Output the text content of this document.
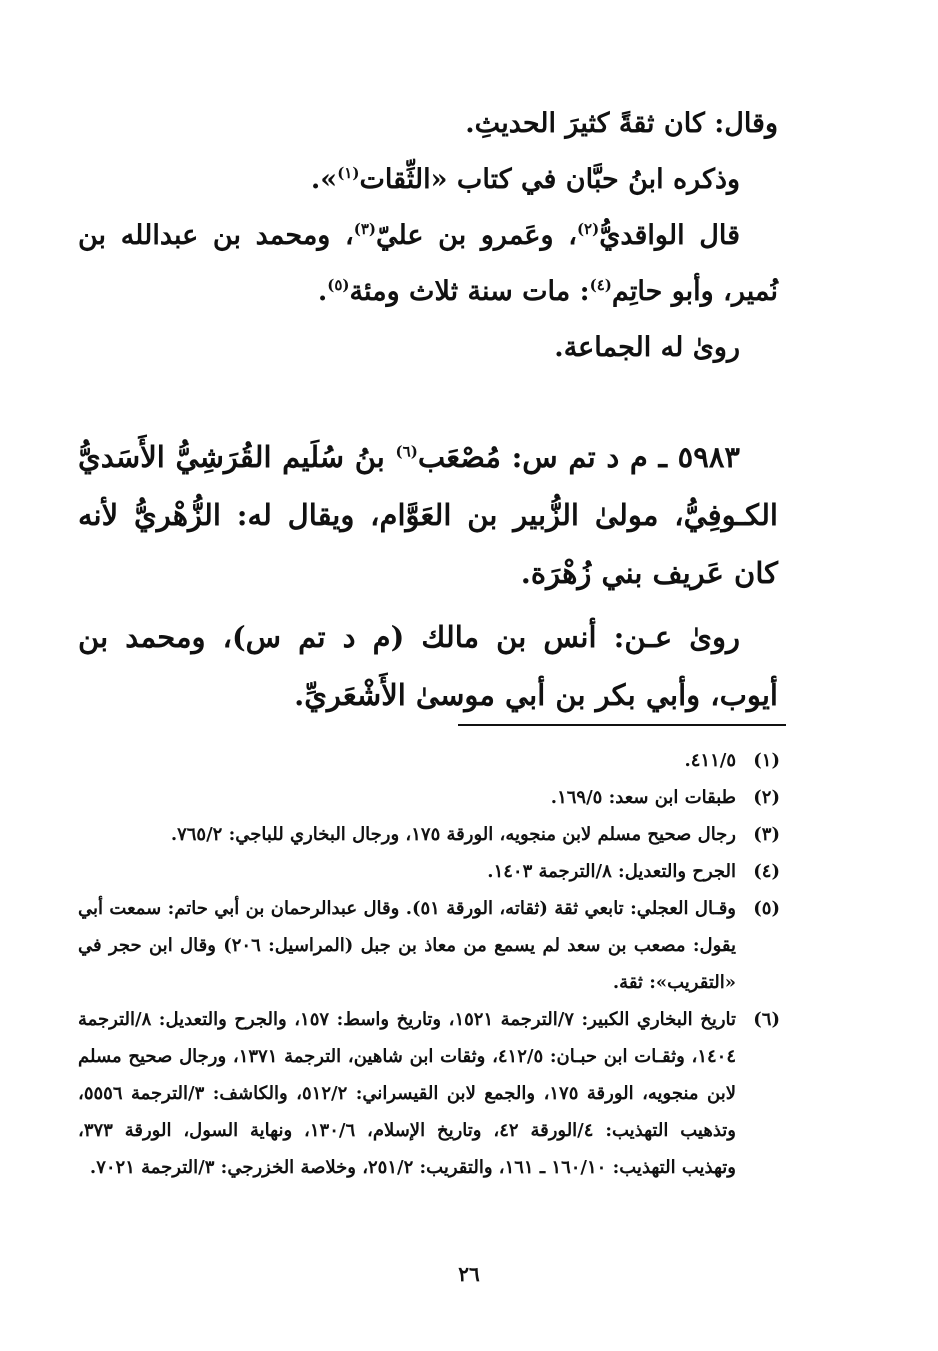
وقال: كان ثقةً كثيرَ الحديثِ.

وذكره ابنُ حبَّان في كتاب «الثِّقات$^{(١)}$».

قال الواقديُّ$^{(٢)}$، وعَمرو بن عليّ$^{(٣)}$، ومحمد بن عبدالله بن نُمير، وأبو حاتِم$^{(٤)}$: مات سنة ثلاث ومئة$^{(٥)}$.

روىٰ له الجماعة.

٥٩٨٣ ـ م د تم س: مُصْعَب$^{(٦)}$ بنُ سُلَيم القُرَشِيُّ الأَسَديُّ الكـوفِيُّ، مولىٰ الزُّبير بن العَوَّام، ويقال له: الزُّهْريُّ لأنه كان عَريف بني زُهْرَة.

روىٰ عـن: أنس بن مالك (م د تم س)، ومحمد بن أيوب، وأبي بكر بن أبي موسىٰ الأَشْعَريِّ.

(١)
٤١١/٥.
(٢)
طبقات ابن سعد: ١٦٩/٥.
(٣)
رجال صحيح مسلم لابن منجويه، الورقة ١٧٥، ورجال البخاري للباجي: ٧٦٥/٢.
(٤)
الجرح والتعديل: ٨/الترجمة ١٤٠٣.
(٥)
وقـال العجلي: تابعي ثقة (ثقاته، الورقة ٥١). وقال عبدالرحمان بن أبي حاتم: سمعت أبي يقول: مصعب بن سعد لم يسمع من معاذ بن جبل (المراسيل: ٢٠٦) وقال ابن حجر في «التقريب»: ثقة.
(٦)
تاريخ البخاري الكبير: ٧/الترجمة ١٥٢١، وتاريخ واسط: ١٥٧، والجرح والتعديل: ٨/الترجمة ١٤٠٤، وثقـات ابن حبـان: ٤١٢/٥، وثقات ابن شاهين، الترجمة ١٣٧١، ورجال صحيح مسلم لابن منجويه، الورقة ١٧٥، والجمع لابن القيسراني: ٥١٢/٢، والكاشف: ٣/الترجمة ٥٥٥٦، وتذهيب التهذيب: ٤/الورقة ٤٢، وتاريخ الإسلام، ١٣٠/٦، ونهاية السول، الورقة ٣٧٣، وتهذيب التهذيب: ١٦٠/١٠ ـ ١٦١، والتقريب: ٢٥١/٢، وخلاصة الخزرجي: ٣/الترجمة ٧٠٢١.
٢٦
